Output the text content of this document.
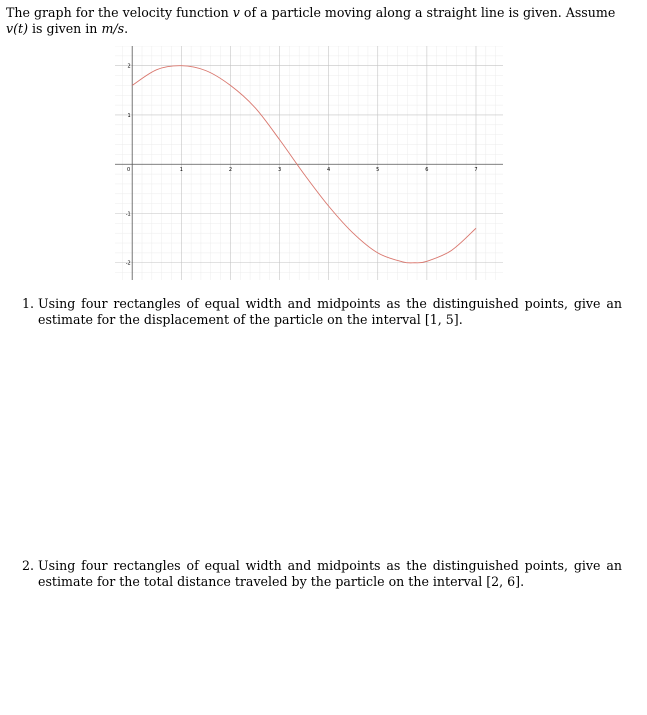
The graph for the velocity function v of a particle moving along a straight line is given. Assume v(t) is given in m/s.
0	1	2	3	4	5	6	7
2
1
-1
-2
1. Using four rectangles of equal width and midpoints as the distinguished points, give an estimate for the displacement of the particle on the interval [1, 5].
2. Using four rectangles of equal width and midpoints as the distinguished points, give an estimate for the total distance traveled by the particle on the interval [2, 6].
